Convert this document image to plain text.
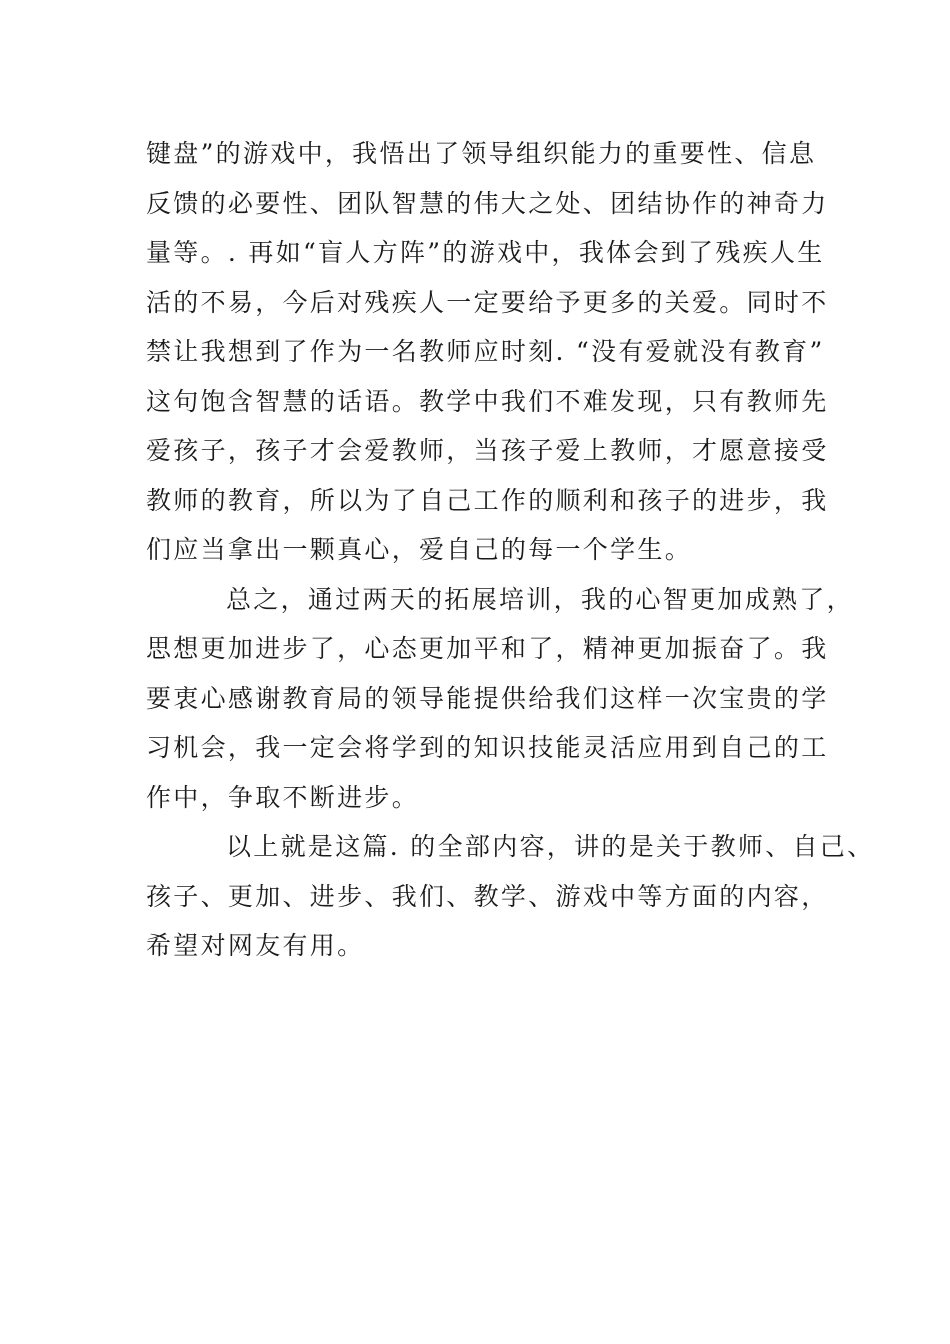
键盘”的游戏中，我悟出了领导组织能力的重要性、信息
反馈的必要性、团队智慧的伟大之处、团结协作的神奇力
量等。. 再如“盲人方阵”的游戏中，我体会到了残疾人生
活的不易，今后对残疾人一定要给予更多的关爱。同时不
禁让我想到了作为一名教师应时刻. “没有爱就没有教育”
这句饱含智慧的话语。教学中我们不难发现，只有教师先
爱孩子，孩子才会爱教师，当孩子爱上教师，才愿意接受
教师的教育，所以为了自己工作的顺利和孩子的进步，我
们应当拿出一颗真心，爱自己的每一个学生。
总之，通过两天的拓展培训，我的心智更加成熟了，
思想更加进步了，心态更加平和了，精神更加振奋了。我
要衷心感谢教育局的领导能提供给我们这样一次宝贵的学
习机会，我一定会将学到的知识技能灵活应用到自己的工
作中，争取不断进步。
以上就是这篇. 的全部内容，讲的是关于教师、自己、
孩子、更加、进步、我们、教学、游戏中等方面的内容，
希望对网友有用。
